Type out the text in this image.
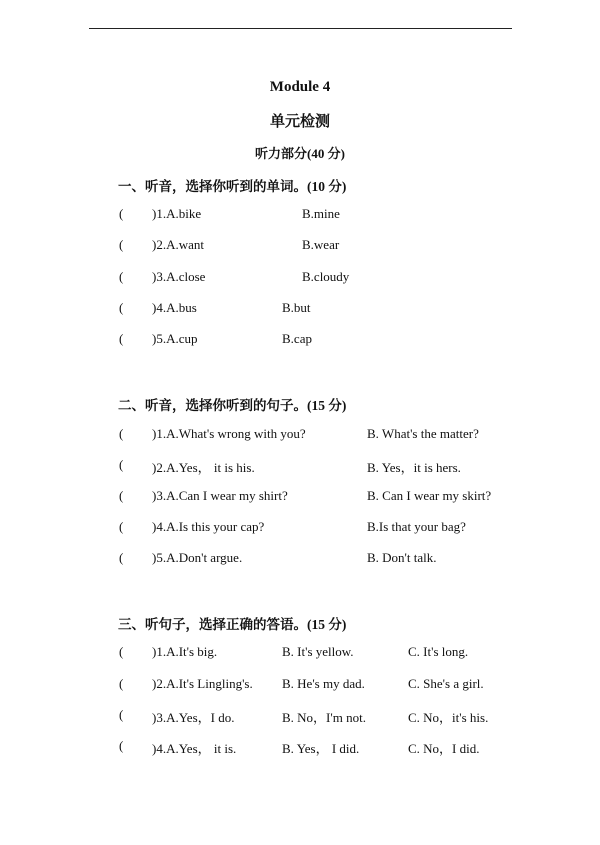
Module 4
单元检测
听力部分(40 分)
一、听音，选择你听到的单词。(10 分)
( )1.A.bike	B.mine
( )2.A.want	B.wear
( )3.A.close	B.cloudy
( )4.A.bus	B.but
( )5.A.cup	B.cap
二、听音，选择你听到的句子。(15 分)
( )1.A.What's wrong with you?	B. What's the matter?
( )2.A.Yes， it is his.	B. Yes，it is hers.
( )3.A.Can I wear my shirt?	B. Can I wear my skirt?
( )4.A.Is this your cap?	B.Is that your bag?
( )5.A.Don't argue.	B. Don't talk.
三、听句子，选择正确的答语。(15 分)
( )1.A.It's big.	B. It's yellow.	C. It's long.
( )2.A.It's Lingling's. B. He's my dad.	C. She's a girl.
( )3.A.Yes，I do.	B. No，I'm not.	C. No，it's his.
( )4.A.Yes， it is.	B. Yes， I did.	C. No，I did.
